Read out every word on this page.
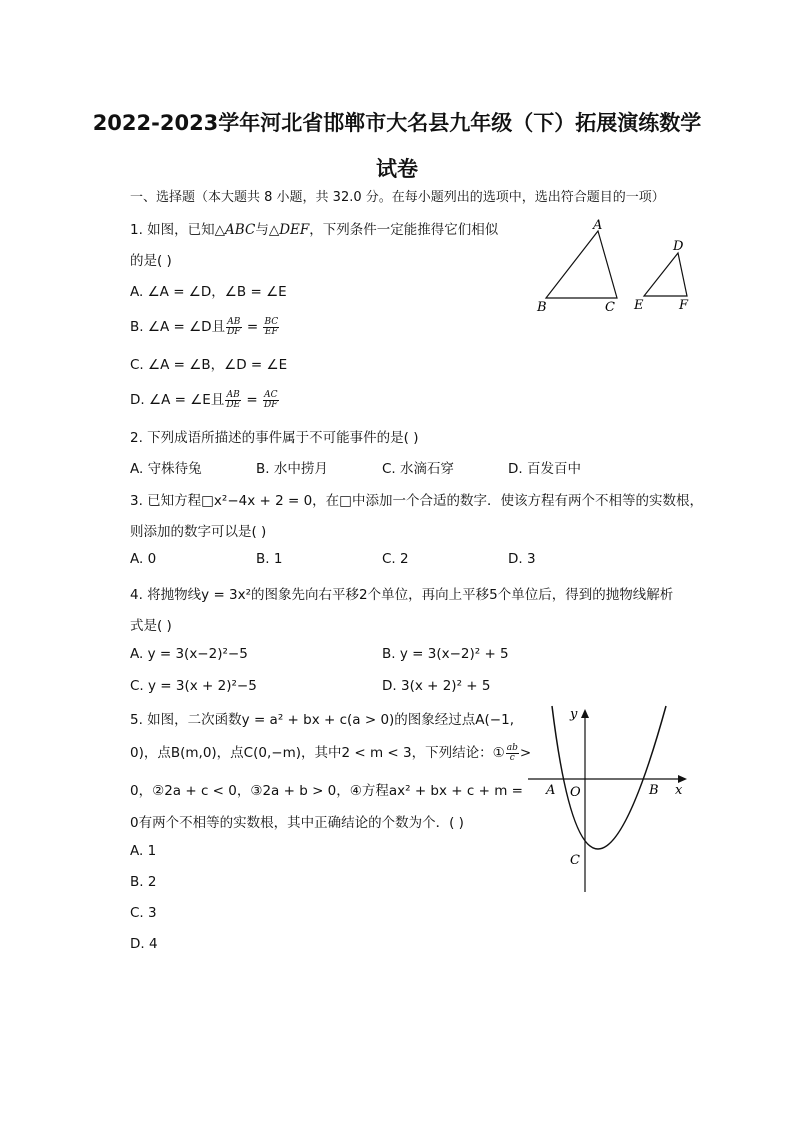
2022-2023学年河北省邯郸市大名县九年级（下）拓展演练数学
试卷
一、选择题（本大题共 8 小题，共 32.0 分。在每小题列出的选项中，选出符合题目的一项）
1. 如图，已知△ABC与△DEF，下列条件一定能推得它们相似
的是( )
A. ∠A = ∠D，∠B = ∠E
B. ∠A = ∠D且 $\frac{AB}{DF} = \frac{BC}{EF}$
C. ∠A = ∠B，∠D = ∠E
D. ∠A = ∠E且 $\frac{AB}{DE} = \frac{AC}{DF}$
A
B	C
D
E	F
2. 下列成语所描述的事件属于不可能事件的是( )
A. 守株待兔	B. 水中捞月	C. 水滴石穿	D. 百发百中
3. 已知方程□x²−4x + 2 = 0，在□中添加一个合适的数字．使该方程有两个不相等的实数根，
则添加的数字可以是( )
A. 0	B. 1	C. 2	D. 3
4. 将抛物线y = 3x²的图象先向右平移2个单位，再向上平移5个单位后，得到的抛物线解析
式是( )
A. y = 3(x−2)²−5	B. y = 3(x−2)² + 5
C. y = 3(x + 2)²−5	D. 3(x + 2)² + 5
5. 如图，二次函数y = a² + bx + c(a > 0)的图象经过点A(−1,
0)，点B(m,0)，点C(0,−m)，其中2 < m < 3，下列结论：① $\frac{ab}{c}$ >
0，②2a + c < 0，③2a + b > 0，④方程ax² + bx + c + m =
0有两个不相等的实数根，其中正确结论的个数为个．( )
A. 1
B. 2
C. 3
D. 4
y
x
A O	B
C
